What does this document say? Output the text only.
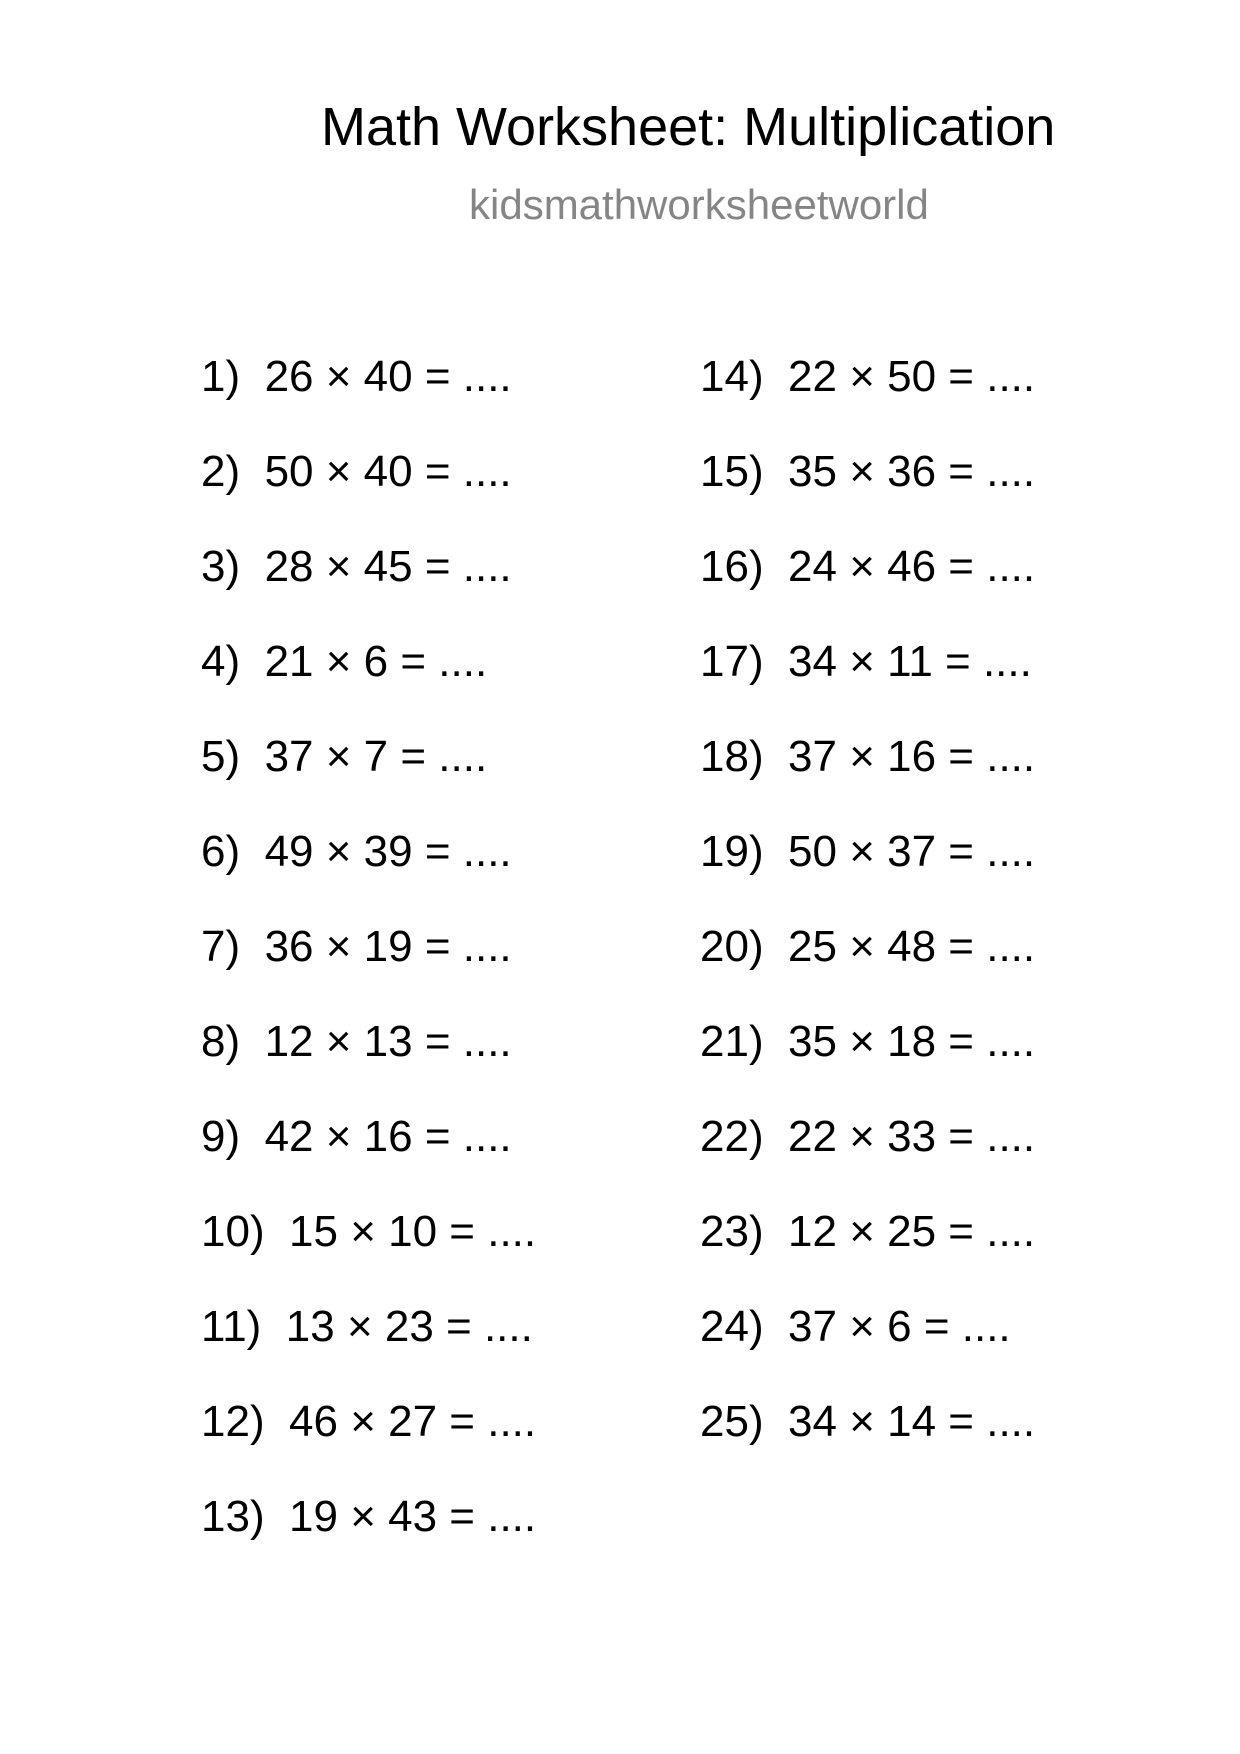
Math Worksheet: Multiplication
kidsmathworksheetworld
1)  26 × 40 = ....
2)  50 × 40 = ....
3)  28 × 45 = ....
4)  21 × 6 = ....
5)  37 × 7 = ....
6)  49 × 39 = ....
7)  36 × 19 = ....
8)  12 × 13 = ....
9)  42 × 16 = ....
10)  15 × 10 = ....
11)  13 × 23 = ....
12)  46 × 27 = ....
13)  19 × 43 = ....
14)  22 × 50 = ....
15)  35 × 36 = ....
16)  24 × 46 = ....
17)  34 × 11 = ....
18)  37 × 16 = ....
19)  50 × 37 = ....
20)  25 × 48 = ....
21)  35 × 18 = ....
22)  22 × 33 = ....
23)  12 × 25 = ....
24)  37 × 6 = ....
25)  34 × 14 = ....
